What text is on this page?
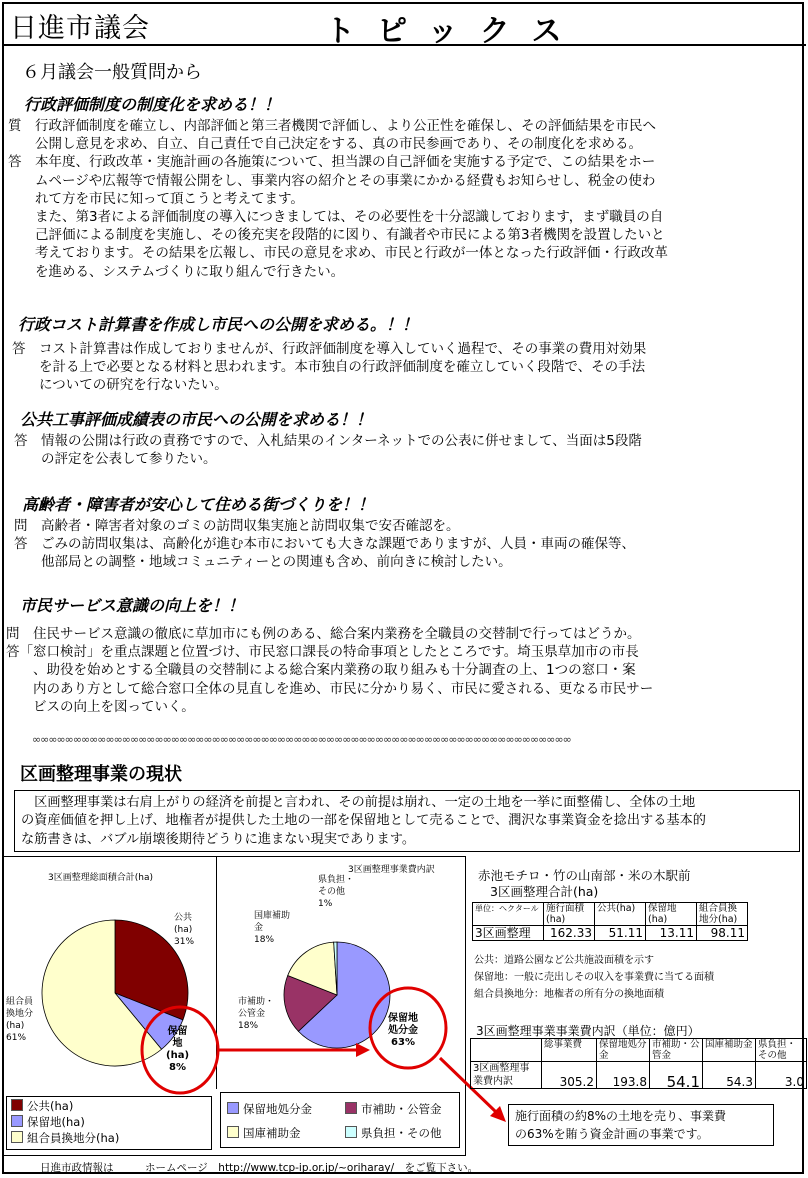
日進市議会	トピックス
６月議会一般質問から
行政評価制度の制度化を求める！！
質　行政評価制度を確立し、内部評価と第三者機関で評価し、より公正性を確保し、その評価結果を市民へ
　　公開し意見を求め、自立、自己責任で自己決定をする、真の市民参画であり、その制度化を求める。
答　本年度、行政改革・実施計画の各施策について、担当課の自己評価を実施する予定で、この結果をホー
　　ムページや広報等で情報公開をし、事業内容の紹介とその事業にかかる経費もお知らせし、税金の使わ
　　れて方を市民に知って頂こうと考えてます。
　　また、第3者による評価制度の導入につきましては、その必要性を十分認識しております，まず職員の自
　　己評価による制度を実施し、その後充実を段階的に図り、有識者や市民による第3者機関を設置したいと
　　考えております。その結果を広報し、市民の意見を求め、市民と行政が一体となった行政評価・行政改革
　　を進める、システムづくりに取り組んで行きたい。
行政コスト計算書を作成し市民への公開を求める。！！
答　コスト計算書は作成しておりませんが、行政評価制度を導入していく過程で、その事業の費用対効果
　　を計る上で必要となる材料と思われます。本市独自の行政評価制度を確立していく段階で、その手法
　　についての研究を行ないたい。
公共工事評価成績表の市民への公開を求める！！
答　情報の公開は行政の責務ですので、入札結果のインターネットでの公表に併せまして、当面は5段階
　　の評定を公表して参りたい。
高齢者・障害者が安心して住める街づくりを！！
問　高齢者・障害者対象のゴミの訪問収集実施と訪問収集で安否確認を。
答　ごみの訪問収集は、高齢化が進む本市においても大きな課題でありますが、人員・車両の確保等、
　　他部局との調整・地域コミュニティーとの関連も含め、前向きに検討したい。
市民サービス意識の向上を！！
問　住民サービス意識の徹底に草加市にも例のある、総合案内業務を全職員の交替制で行ってはどうか。
答「窓口検討」を重点課題と位置づけ、市民窓口課長の特命事項としたところです。埼玉県草加市の市長
　　、助役を始めとする全職員の交替制による総合案内業務の取り組みも十分調査の上、1つの窓口・案
　　内のあり方として総合窓口全体の見直しを進め、市民に分かり易く、市民に愛される、更なる市民サー
　　ビスの向上を図っていく。
∞∞∞∞∞∞∞∞∞∞∞∞∞∞∞∞∞∞∞∞∞∞∞∞∞∞∞∞∞∞∞∞∞∞∞∞∞∞∞∞∞∞∞∞∞∞∞∞∞∞∞∞∞∞∞∞∞∞∞∞∞∞∞∞∞∞
区画整理事業の現状
　区画整理事業は右肩上がりの経済を前提と言われ、その前提は崩れ、一定の土地を一挙に面整備し、全体の土地
の資産価値を押し上げ、地権者が提供した土地の一部を保留地として売ることで、潤沢な事業資金を捻出する基本的
な筋書きは、バブル崩壊後期待どうりに進まない現実であります。
3区画整理総面積合計(ha)
3区画整理事業費内訳
公共
(ha)
31%
組合員
換地分
(ha)
61%
国庫補助
金
18%
県負担・
その他
1%
市補助・
公管金
18%
保留
地
(ha)
8%
保留地
処分金
63%
公共(ha)
保留地(ha)
組合員換地分(ha)
保留地処分金	市補助・公管金
国庫補助金	県負担・その他
赤池モチロ・竹の山南部・米の木駅前
3区画整理合計(ha)
単位：ヘクタール	施行面積(ha)	公共(ha)	保留地(ha)	組合員換地分(ha)
3区画整理	162.33	51.11	13.11	98.11
公共：道路公園など公共施設面積を示す
保留地：一般に売出しその収入を事業費に当てる面積
組合員換地分：地権者の所有分の換地面積
3区画整理事業事業費内訳（単位：億円）
	総事業費	保留地処分金	市補助・公管金	国庫補助金	県負担・その他
3区画整理事業費内訳	305.2	193.8	54.1	54.3	3.0
施行面積の約8%の土地を売り、事業費
の63%を賄う資金計画の事業です。
日進市政情報は　　　ホームページ　http://www.tcp-ip.or.jp/~oriharay/　をご覧下さい。
